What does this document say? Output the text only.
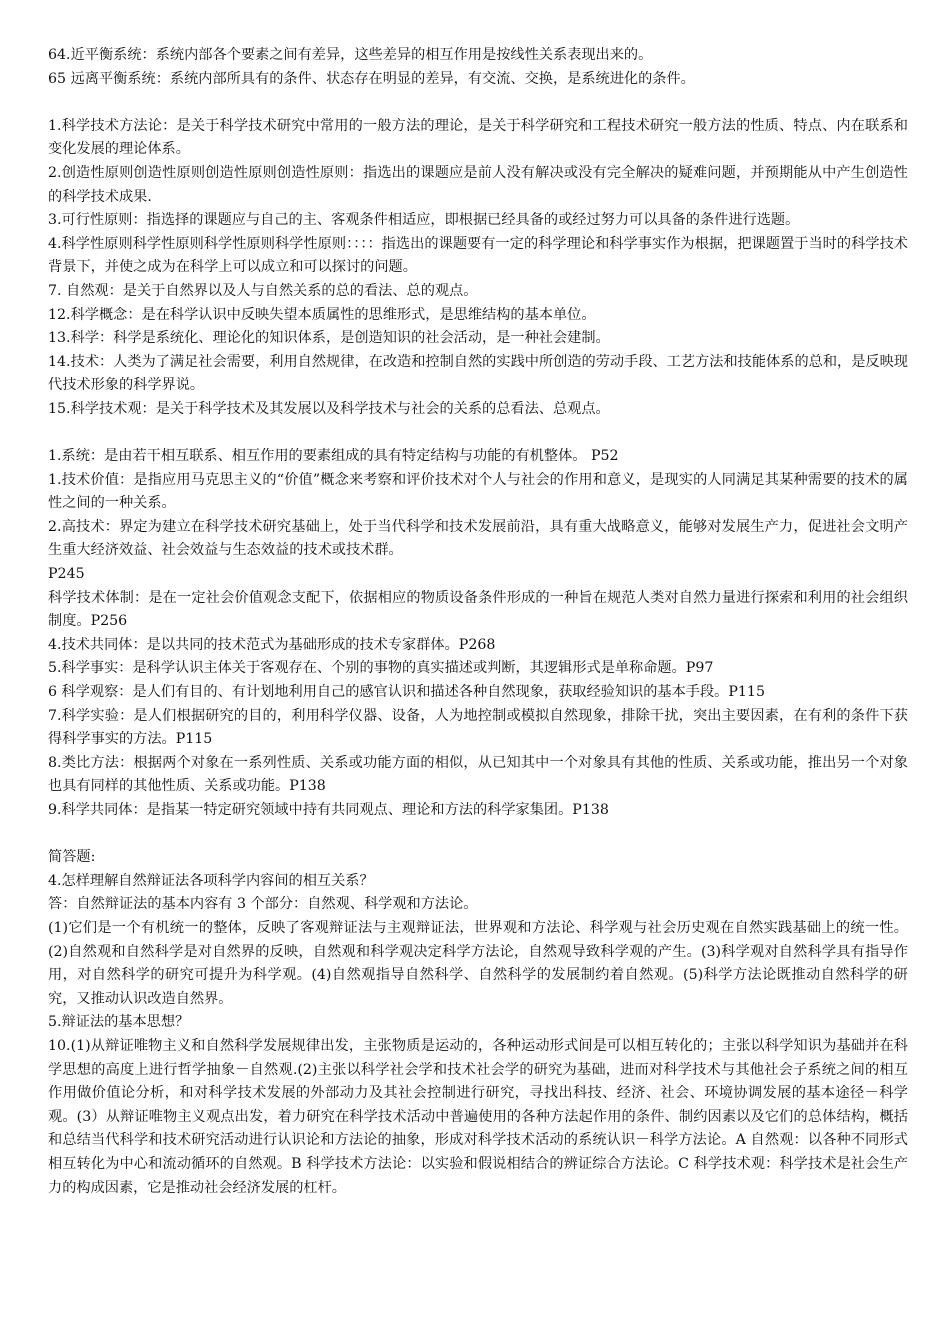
64.近平衡系统：系统内部各个要素之间有差异，这些差异的相互作用是按线性关系表现出来的。

65 远离平衡系统：系统内部所具有的条件、状态存在明显的差异，有交流、交换，是系统进化的条件。

1.科学技术方法论：是关于科学技术研究中常用的一般方法的理论，是关于科学研究和工程技术研究一般方法的性质、特点、内在联系和变化发展的理论体系。

2.创造性原则创造性原则创造性原则创造性原则：指选出的课题应是前人没有解决或没有完全解决的疑难问题，并预期能从中产生创造性的科学技术成果.

3.可行性原则：指选择的课题应与自己的主、客观条件相适应，即根据已经具备的或经过努力可以具备的条件进行选题。

4.科学性原则科学性原则科学性原则科学性原则：：：：指选出的课题要有一定的科学理论和科学事实作为根据，把课题置于当时的科学技术背景下，并使之成为在科学上可以成立和可以探讨的问题。

7. 自然观：是关于自然界以及人与自然关系的总的看法、总的观点。

12.科学概念：是在科学认识中反映失望本质属性的思维形式，是思维结构的基本单位。

13.科学：科学是系统化、理论化的知识体系，是创造知识的社会活动，是一种社会建制。

14.技术：人类为了满足社会需要，利用自然规律，在改造和控制自然的实践中所创造的劳动手段、工艺方法和技能体系的总和，是反映现代技术形象的科学界说。

15.科学技术观：是关于科学技术及其发展以及科学技术与社会的关系的总看法、总观点。

1.系统：是由若干相互联系、相互作用的要素组成的具有特定结构与功能的有机整体。 P52

1.技术价值：是指应用马克思主义的“价值”概念来考察和评价技术对个人与社会的作用和意义，是现实的人同满足其某种需要的技术的属性之间的一种关系。

2.高技术：界定为建立在科学技术研究基础上，处于当代科学和技术发展前沿，具有重大战略意义，能够对发展生产力，促进社会文明产生重大经济效益、社会效益与生态效益的技术或技术群。

P245

科学技术体制：是在一定社会价值观念支配下，依据相应的物质设备条件形成的一种旨在规范人类对自然力量进行探索和利用的社会组织制度。P256

4.技术共同体：是以共同的技术范式为基础形成的技术专家群体。P268

5.科学事实：是科学认识主体关于客观存在、个别的事物的真实描述或判断，其逻辑形式是单称命题。P97

6 科学观察：是人们有目的、有计划地利用自己的感官认识和描述各种自然现象，获取经验知识的基本手段。P115

7.科学实验：是人们根据研究的目的，利用科学仪器、设备，人为地控制或模拟自然现象，排除干扰，突出主要因素，在有利的条件下获得科学事实的方法。P115

8.类比方法：根据两个对象在一系列性质、关系或功能方面的相似，从已知其中一个对象具有其他的性质、关系或功能，推出另一个对象也具有同样的其他性质、关系或功能。P138

9.科学共同体：是指某一特定研究领域中持有共同观点、理论和方法的科学家集团。P138

简答题:

4.怎样理解自然辩证法各项科学内容间的相互关系？

答：自然辩证法的基本内容有 3 个部分：自然观、科学观和方法论。

(1)它们是一个有机统一的整体，反映了客观辩证法与主观辩证法，世界观和方法论、科学观与社会历史观在自然实践基础上的统一性。(2)自然观和自然科学是对自然界的反映，自然观和科学观决定科学方法论，自然观导致科学观的产生。(3)科学观对自然科学具有指导作用，对自然科学的研究可提升为科学观。(4)自然观指导自然科学、自然科学的发展制约着自然观。(5)科学方法论既推动自然科学的研究，又推动认识改造自然界。

5.辩证法的基本思想？

10.(1)从辩证唯物主义和自然科学发展规律出发，主张物质是运动的，各种运动形式间是可以相互转化的；主张以科学知识为基础并在科学思想的高度上进行哲学抽象－自然观.(2)主张以科学社会学和技术社会学的研究为基础，进而对科学技术与其他社会子系统之间的相互作用做价值论分析，和对科学技术发展的外部动力及其社会控制进行研究，寻找出科技、经济、社会、环境协调发展的基本途径－科学观。(3）从辩证唯物主义观点出发，着力研究在科学技术活动中普遍使用的各种方法起作用的条件、制约因素以及它们的总体结构，概括和总结当代科学和技术研究活动进行认识论和方法论的抽象，形成对科学技术活动的系统认识－科学方法论。A 自然观：以各种不同形式相互转化为中心和流动循环的自然观。B 科学技术方法论：以实验和假说相结合的辨证综合方法论。C 科学技术观：科学技术是社会生产力的构成因素，它是推动社会经济发展的杠杆。
